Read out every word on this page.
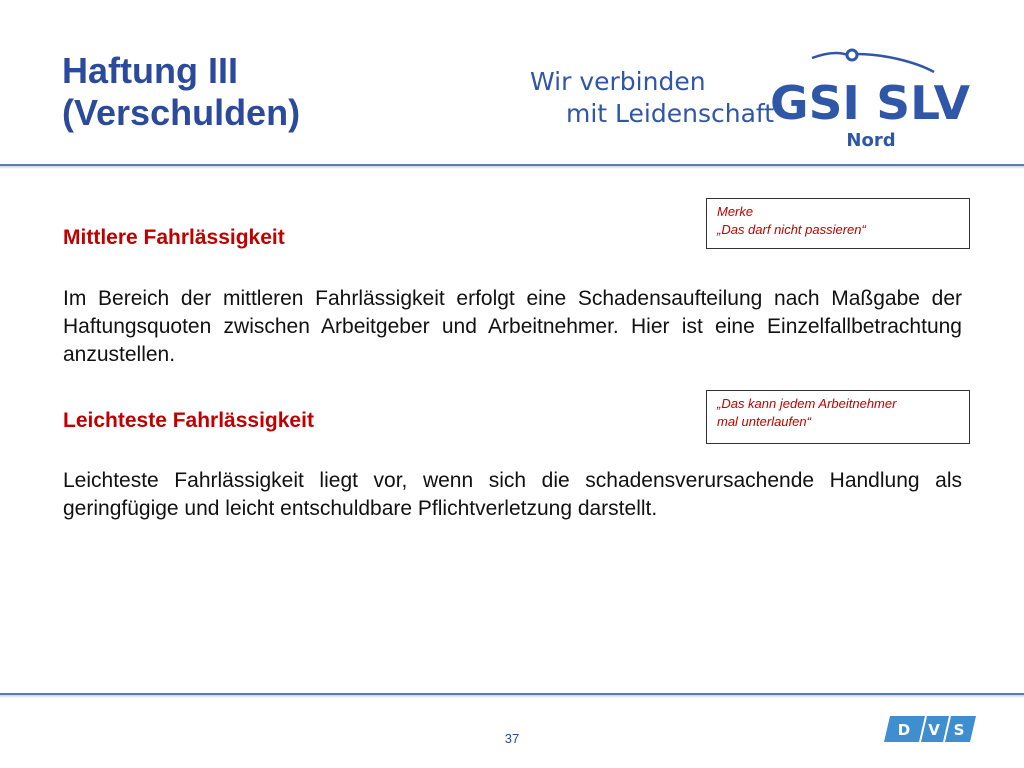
Haftung III
(Verschulden)
Wir verbinden
mit Leidenschaft
GSI SLV
Nord
Mittlere Fahrlässigkeit

Im Bereich der mittleren Fahrlässigkeit erfolgt eine Schadensaufteilung nach Maßgabe der Haftungsquoten zwischen Arbeitgeber und Arbeitnehmer. Hier ist eine Einzelfallbetrachtung anzustellen.

Leichteste Fahrlässigkeit

Leichteste Fahrlässigkeit liegt vor, wenn sich die schadensverursachende Handlung als geringfügige und leicht entschuldbare Pflichtverletzung darstellt.

Merke
„Das darf nicht passieren“
„Das kann jedem Arbeitnehmer
mal unterlaufen“
37	D V S
